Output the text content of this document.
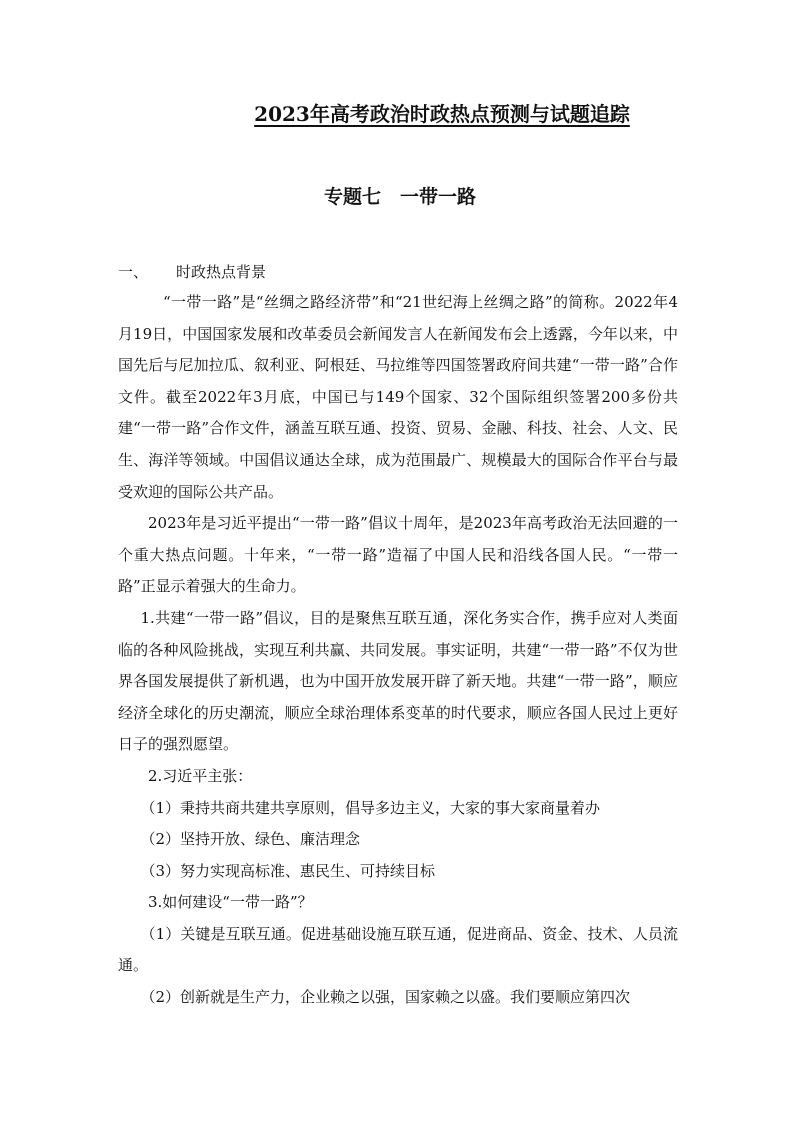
2023年高考政治时政热点预测与试题追踪
专题七　一带一路
一、 时政热点背景

“一带一路”是“丝绸之路经济带”和“21世纪海上丝绸之路”的简称。2022年4月19日，中国国家发展和改革委员会新闻发言人在新闻发布会上透露，今年以来，中国先后与尼加拉瓜、叙利亚、阿根廷、马拉维等四国签署政府间共建“一带一路”合作文件。截至2022年3月底，中国已与149个国家、32个国际组织签署200多份共建“一带一路”合作文件，涵盖互联互通、投资、贸易、金融、科技、社会、人文、民生、海洋等领域。中国倡议通达全球，成为范围最广、规模最大的国际合作平台与最受欢迎的国际公共产品。

2023年是习近平提出“一带一路”倡议十周年，是2023年高考政治无法回避的一个重大热点问题。十年来，“一带一路”造福了中国人民和沿线各国人民。“一带一路”正显示着强大的生命力。

1.共建“一带一路”倡议，目的是聚焦互联互通，深化务实合作，携手应对人类面临的各种风险挑战，实现互利共赢、共同发展。事实证明，共建“一带一路”不仅为世界各国发展提供了新机遇，也为中国开放发展开辟了新天地。共建“一带一路”，顺应经济全球化的历史潮流，顺应全球治理体系变革的时代要求，顺应各国人民过上更好日子的强烈愿望。

2.习近平主张：

（1）秉持共商共建共享原则，倡导多边主义，大家的事大家商量着办

（2）坚持开放、绿色、廉洁理念

（3）努力实现高标准、惠民生、可持续目标

3.如何建设“一带一路”？

（1）关键是互联互通。促进基础设施互联互通，促进商品、资金、技术、人员流通。

（2）创新就是生产力，企业赖之以强，国家赖之以盛。我们要顺应第四次
